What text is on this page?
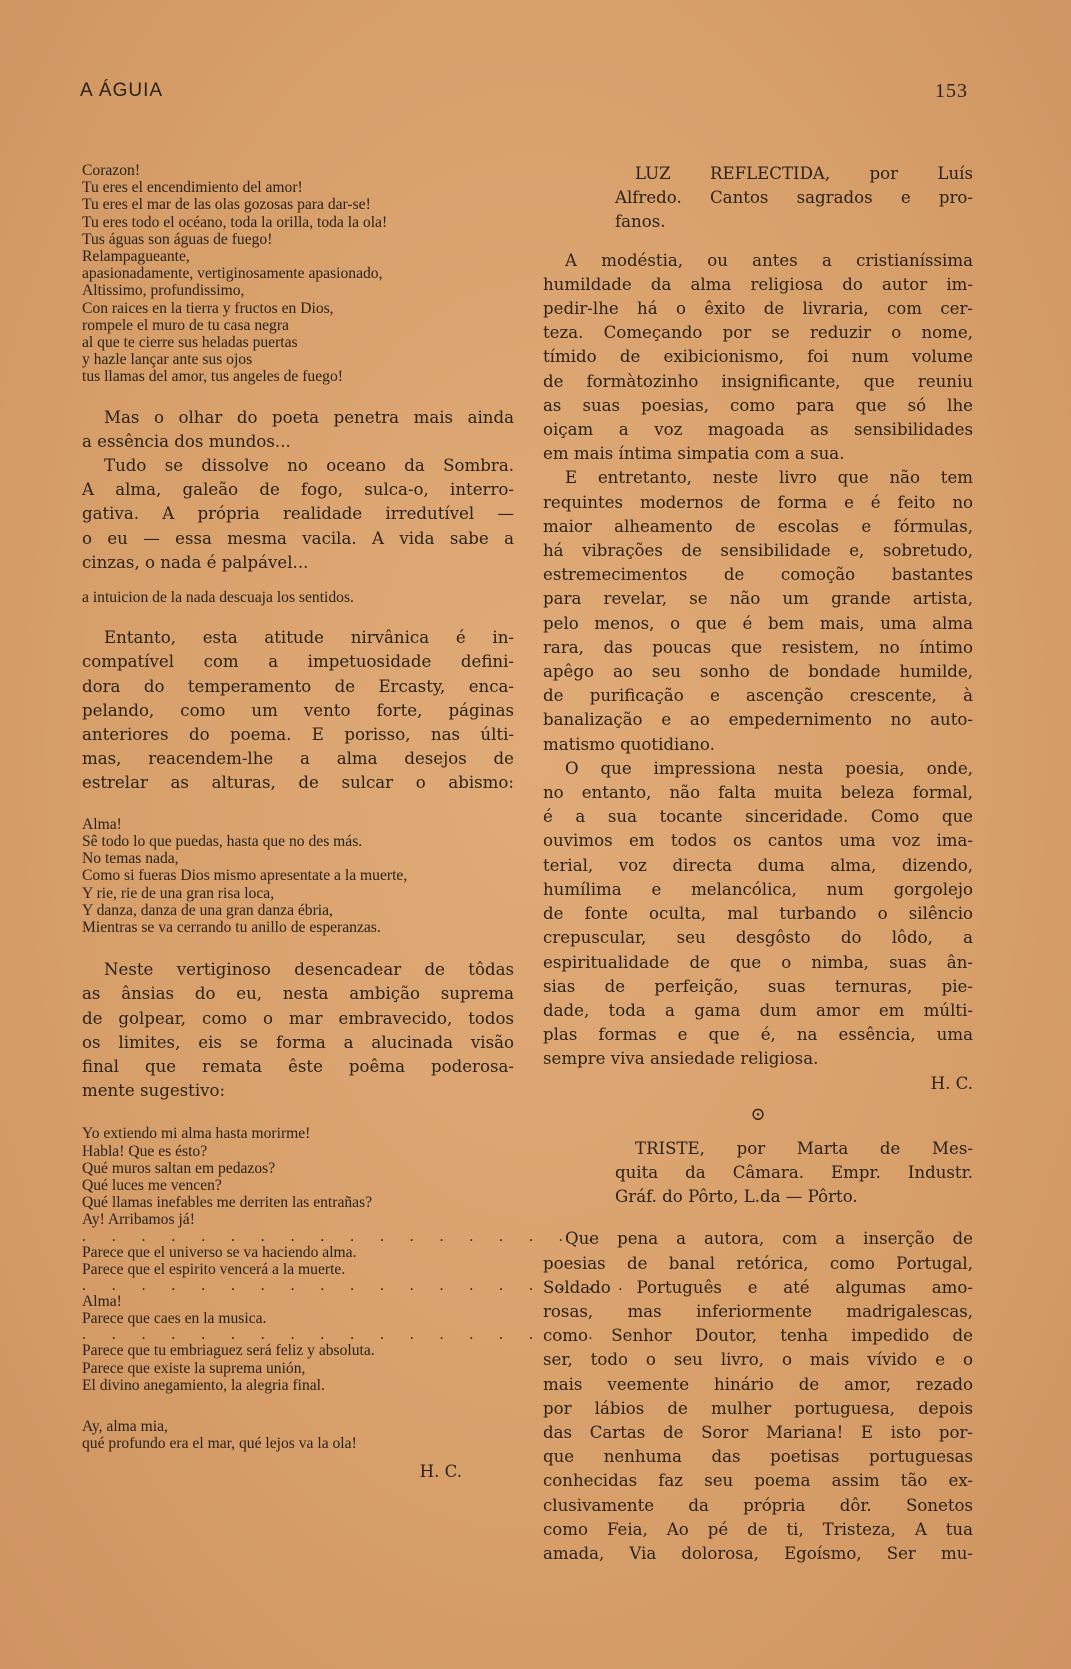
A ÁGUIA	153
Corazon!
Tu eres el encendimiento del amor!
Tu eres el mar de las olas gozosas para dar-se!
Tu eres todo el océano, toda la orilla, toda la ola!
Tus águas son águas de fuego!
Relampagueante,
apasionadamente, vertiginosamente apasionado,
Altissimo, profundissimo,
Con raices en la tierra y fructos en Dios,
rompele el muro de tu casa negra
al que te cierre sus heladas puertas
y hazle lançar ante sus ojos
tus llamas del amor, tus angeles de fuego!
Mas o olhar do poeta penetra mais ainda
a essência dos mundos...
Tudo se dissolve no oceano da Sombra.
A alma, galeão de fogo, sulca-o, interro-
gativa. A própria realidade irredutível —
o eu — essa mesma vacila. A vida sabe a
cinzas, o nada é palpável...
a intuicion de la nada descuaja los sentidos.
Entanto, esta atitude nirvânica é in-
compatível com a impetuosidade defini-
dora do temperamento de Ercasty, enca-
pelando, como um vento forte, páginas
anteriores do poema. E porisso, nas últi-
mas, reacendem-lhe a alma desejos de
estrelar as alturas, de sulcar o abismo:
Alma!
Sê todo lo que puedas, hasta que no des más.
No temas nada,
Como si fueras Dios mismo apresentate a la muerte,
Y rie, rie de una gran risa loca,
Y danza, danza de una gran danza ébria,
Mientras se va cerrando tu anillo de esperanzas.
Neste vertiginoso desencadear de tôdas
as ânsias do eu, nesta ambição suprema
de golpear, como o mar embravecido, todos
os limites, eis se forma a alucinada visão
final que remata êste poêma poderosa-
mente sugestivo:
Yo extiendo mi alma hasta morirme!
Habla! Que es ésto?
Qué muros saltan em pedazos?
Qué luces me vencen?
Qué llamas inefables me derriten las entrañas?
Ay! Arribamos já!
. . . . . . . . . . . . . . . . . . .
Parece que el universo se va haciendo alma.
Parece que el espirito vencerá a la muerte.
. . . . . . . . . . . . . . . . . . .
Alma!
Parece que caes en la musica.
. . . . . . . . . . . . . . . . . . .
Parece que tu embriaguez será feliz y absoluta.
Parece que existe la suprema unión,
El divino anegamiento, la alegria final.
Ay, alma mia,
qué profundo era el mar, qué lejos va la ola!
H. C.
LUZ REFLECTIDA, por Luís
Alfredo. Cantos sagrados e pro-
fanos.
A modéstia, ou antes a cristianíssima
humildade da alma religiosa do autor im-
pedir-lhe há o êxito de livraria, com cer-
teza. Começando por se reduzir o nome,
tímido de exibicionismo, foi num volume
de formàtozinho insignificante, que reuniu
as suas poesias, como para que só lhe
oiçam a voz magoada as sensibilidades
em mais íntima simpatia com a sua.
E entretanto, neste livro que não tem
requintes modernos de forma e é feito no
maior alheamento de escolas e fórmulas,
há vibrações de sensibilidade e, sobretudo,
estremecimentos de comoção bastantes
para revelar, se não um grande artista,
pelo menos, o que é bem mais, uma alma
rara, das poucas que resistem, no íntimo
apêgo ao seu sonho de bondade humilde,
de purificação e ascenção crescente, à
banalização e ao empedernimento no auto-
matismo quotidiano.
O que impressiona nesta poesia, onde,
no entanto, não falta muita beleza formal,
é a sua tocante sinceridade. Como que
ouvimos em todos os cantos uma voz ima-
terial, voz directa duma alma, dizendo,
humílima e melancólica, num gorgolejo
de fonte oculta, mal turbando o silêncio
crepuscular, seu desgôsto do lôdo, a
espiritualidade de que o nimba, suas ân-
sias de perfeição, suas ternuras, pie-
dade, toda a gama dum amor em múlti-
plas formas e que é, na essência, uma
sempre viva ansiedade religiosa.
H. C.
⊙
TRISTE, por Marta de Mes-
quita da Câmara. Empr. Industr.
Gráf. do Pôrto, L.da — Pôrto.
Que pena a autora, com a inserção de
poesias de banal retórica, como Portugal,
Soldado Português e até algumas amo-
rosas, mas inferiormente madrigalescas,
como Senhor Doutor, tenha impedido de
ser, todo o seu livro, o mais vívido e o
mais veemente hinário de amor, rezado
por lábios de mulher portuguesa, depois
das Cartas de Soror Mariana! E isto por-
que nenhuma das poetisas portuguesas
conhecidas faz seu poema assim tão ex-
clusivamente da própria dôr. Sonetos
como Feia, Ao pé de ti, Tristeza, A tua
amada, Via dolorosa, Egoísmo, Ser mu-
